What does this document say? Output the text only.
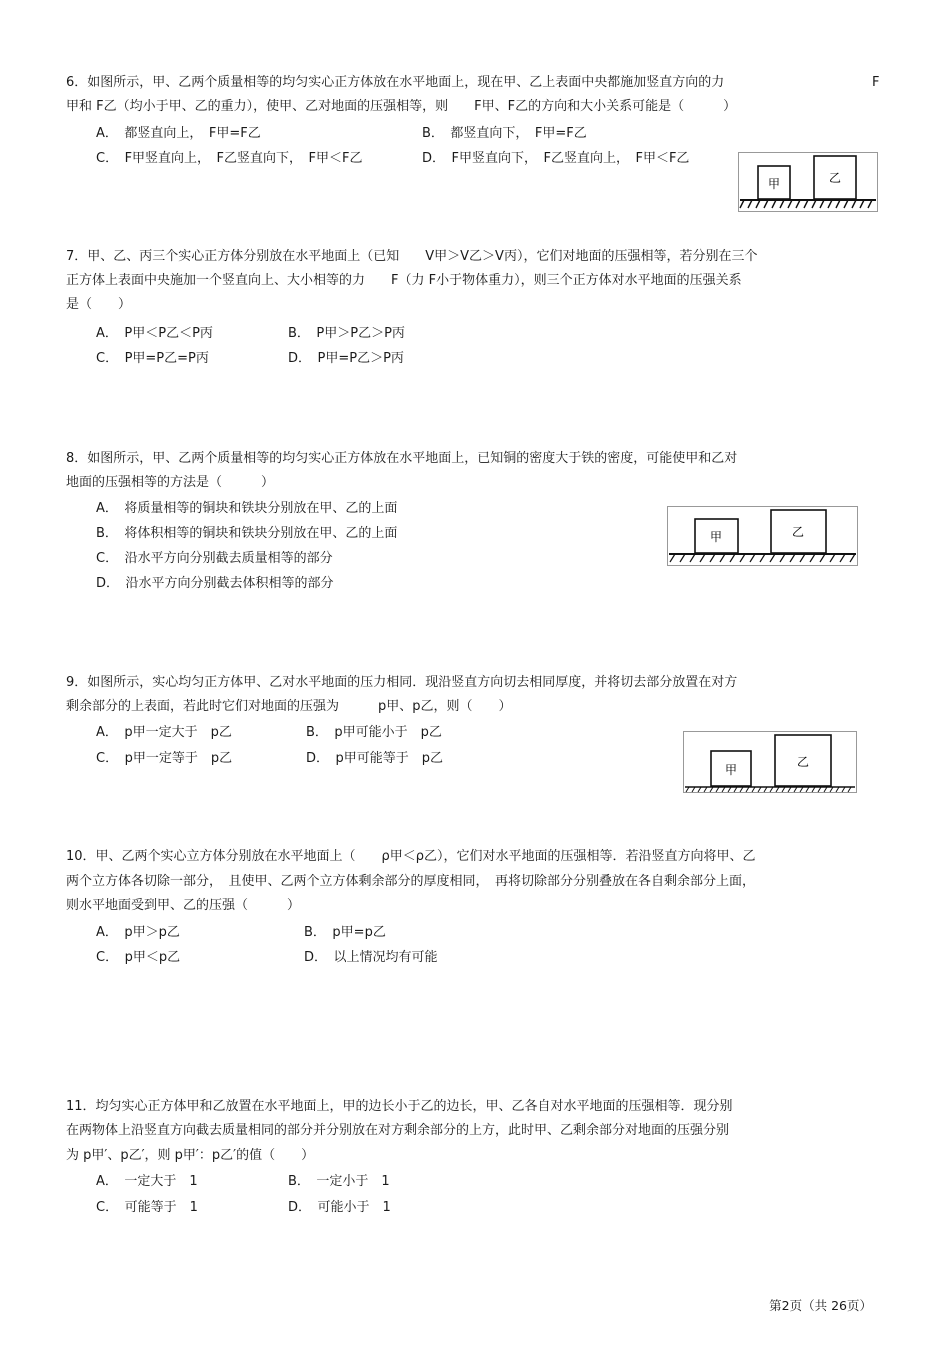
6．如图所示，甲、乙两个质量相等的均匀实心正方体放在水平地面上，现在甲、乙上表面中央都施加竖直方向的力	F
甲和 F乙（均小于甲、乙的重力），使甲、乙对地面的压强相等，则　　F甲、F乙的方向和大小关系可能是（　　　）
A．　都竖直向上，　F甲=F乙	B．　都竖直向下，　F甲=F乙
C．　F甲竖直向上，　F乙竖直向下，　F甲＜F乙	D．　F甲竖直向下，　F乙竖直向上，　F甲＜F乙
甲	乙
7．甲、乙、丙三个实心正方体分别放在水平地面上（已知　　V甲＞V乙＞V丙），它们对地面的压强相等，若分别在三个
正方体上表面中央施加一个竖直向上、大小相等的力　　F（力 F小于物体重力），则三个正方体对水平地面的压强关系
是（　　）
A．　P甲＜P乙＜P丙	B．　P甲＞P乙＞P丙
C．　P甲=P乙=P丙	D．　P甲=P乙＞P丙
8．如图所示，甲、乙两个质量相等的均匀实心正方体放在水平地面上，已知铜的密度大于铁的密度，可能使甲和乙对
地面的压强相等的方法是（　　　）
A．　将质量相等的铜块和铁块分别放在甲、乙的上面
B．　将体积相等的铜块和铁块分别放在甲、乙的上面
C．　沿水平方向分别截去质量相等的部分
D．　沿水平方向分别截去体积相等的部分
甲	乙
9．如图所示，实心均匀正方体甲、乙对水平地面的压力相同．现沿竖直方向切去相同厚度，并将切去部分放置在对方
剩余部分的上表面，若此时它们对地面的压强为　　　p甲、p乙，则（　　）
A．　p甲一定大于　p乙	B．　p甲可能小于　p乙
C．　p甲一定等于　p乙	D．　p甲可能等于　p乙
甲
乙
10．甲、乙两个实心立方体分别放在水平地面上（　　ρ甲＜ρ乙），它们对水平地面的压强相等．若沿竖直方向将甲、乙
两个立方体各切除一部分，　且使甲、乙两个立方体剩余部分的厚度相同，　再将切除部分分别叠放在各自剩余部分上面，
则水平地面受到甲、乙的压强（　　　）
A．　p甲＞p乙	B．　p甲=p乙
C．　p甲＜p乙	D．　以上情况均有可能
11．均匀实心正方体甲和乙放置在水平地面上，甲的边长小于乙的边长，甲、乙各自对水平地面的压强相等．现分别
在两物体上沿竖直方向截去质量相同的部分并分别放在对方剩余部分的上方，此时甲、乙剩余部分对地面的压强分别
为 p甲′、p乙′，则 p甲′：p乙′的值（　　）
A．　一定大于　1	B．　一定小于　1
C．　可能等于　1	D．　可能小于　1
第2页（共 26页）
